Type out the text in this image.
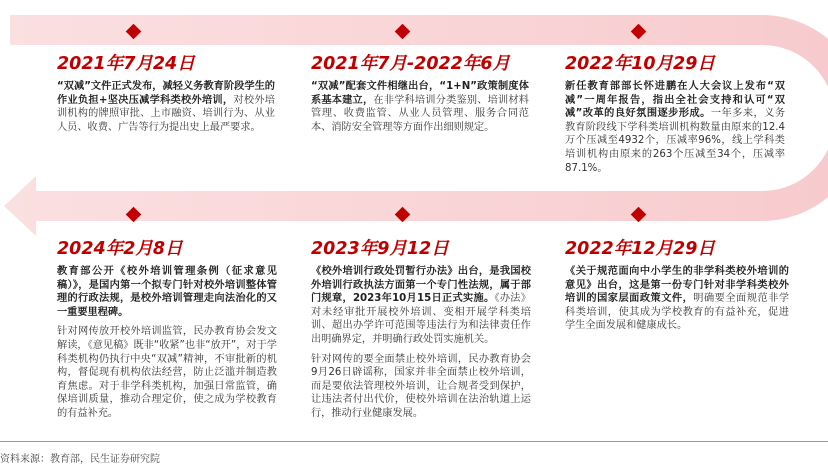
2021年7月24日

“双减”文件正式发布，减轻义务教育阶段学生的作业负担+坚决压减学科类校外培训，对校外培训机构的牌照审批、上市融资、培训行为、从业人员、收费、广告等行为提出史上最严要求。

2021年7月-2022年6月

“双减”配套文件相继出台，“1+N”政策制度体系基本建立，在非学科培训分类鉴别、培训材料管理、收费监管、从业人员管理、服务合同范本、消防安全管理等方面作出细则规定。

2022年10月29日

新任教育部部长怀进鹏在人大会议上发布“双减”一周年报告，指出全社会支持和认可“双减”改革的良好氛围逐步形成。一年多来，义务教育阶段线下学科类培训机构数量由原来的12.4万个压减至4932个，压减率96%，线上学科类培训机构由原来的263个压减至34个，压减率87.1%。

2024年2月8日

教育部公开《校外培训管理条例（征求意见稿）》，是国内第一个拟专门针对校外培训整体管理的行政法规，是校外培训管理走向法治化的又一重要里程碑。

针对网传放开校外培训监管，民办教育协会发文解读，《意见稿》既非“收紧”也非“放开”，对于学科类机构仍执行中央“双减”精神，不审批新的机构，督促现有机构依法经营，防止泛滥并制造教育焦虑。对于非学科类机构，加强日常监管，确保培训质量，推动合理定价，使之成为学校教育的有益补充。

2023年9月12日

《校外培训行政处罚暂行办法》出台，是我国校外培训行政执法方面第一个专门性法规，属于部门规章，2023年10月15日正式实施。《办法》对未经审批开展校外培训、变相开展学科类培训、超出办学许可范围等违法行为和法律责任作出明确界定，并明确行政处罚实施机关。

针对网传的要全面禁止校外培训，民办教育协会9月26日辟谣称，国家并非全面禁止校外培训，而是要依法管理校外培训，让合规者受到保护，让违法者付出代价，使校外培训在法治轨道上运行，推动行业健康发展。

2022年12月29日

《关于规范面向中小学生的非学科类校外培训的意见》出台，这是第一份专门针对非学科类校外培训的国家层面政策文件，明确要全面规范非学科类培训，使其成为学校教育的有益补充，促进学生全面发展和健康成长。

资料来源：教育部，民生证券研究院
